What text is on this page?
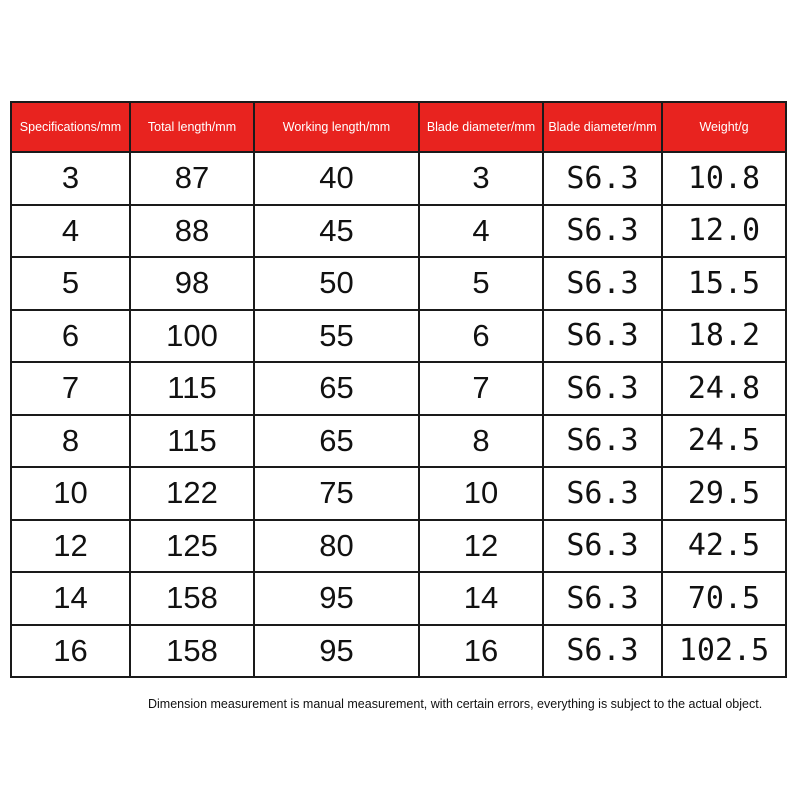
Specifications/mm	Total length/mm	Working length/mm	Blade diameter/mm	Blade diameter/mm	Weight/g
3	87	40	3	S6.3	10.8
4	88	45	4	S6.3	12.0
5	98	50	5	S6.3	15.5
6	100	55	6	S6.3	18.2
7	115	65	7	S6.3	24.8
8	115	65	8	S6.3	24.5
10	122	75	10	S6.3	29.5
12	125	80	12	S6.3	42.5
14	158	95	14	S6.3	70.5
16	158	95	16	S6.3	102.5
Dimension measurement is manual measurement, with certain errors, everything is subject to the actual object.
